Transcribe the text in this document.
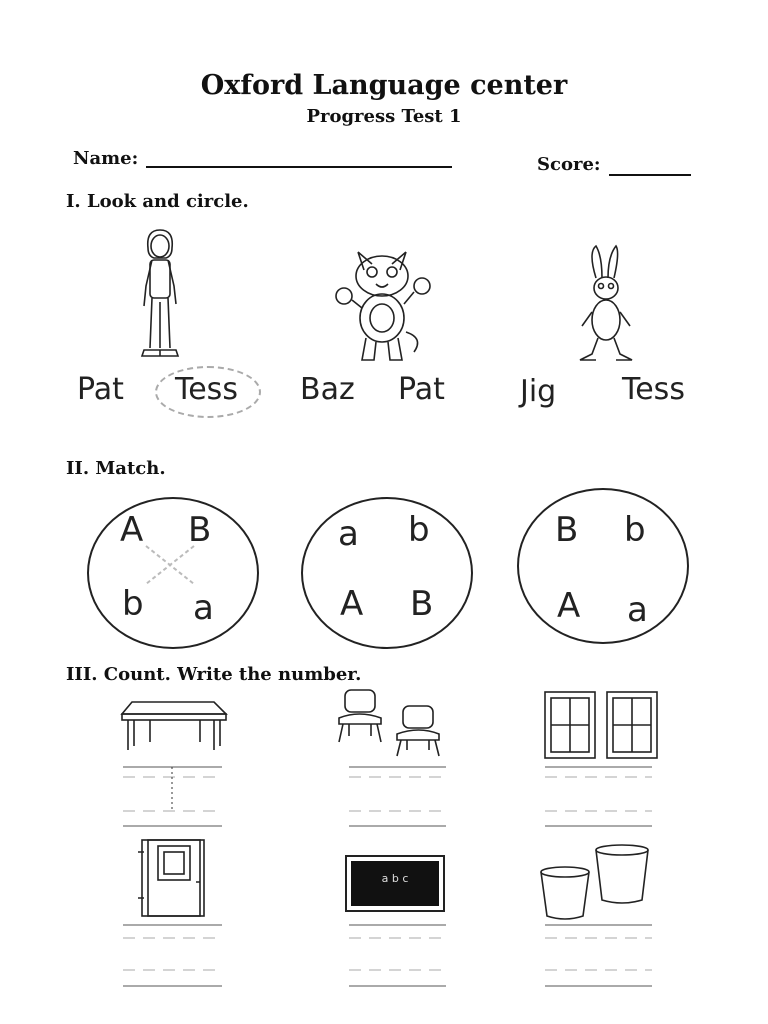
Oxford Language center
Progress Test 1
Name:	Score:
I. Look and circle.
Pat Tess Baz Pat	Jig Tess
II. Match.
A B
b a
a b
A B
B b
A a
III. Count. Write the number.
a b c
